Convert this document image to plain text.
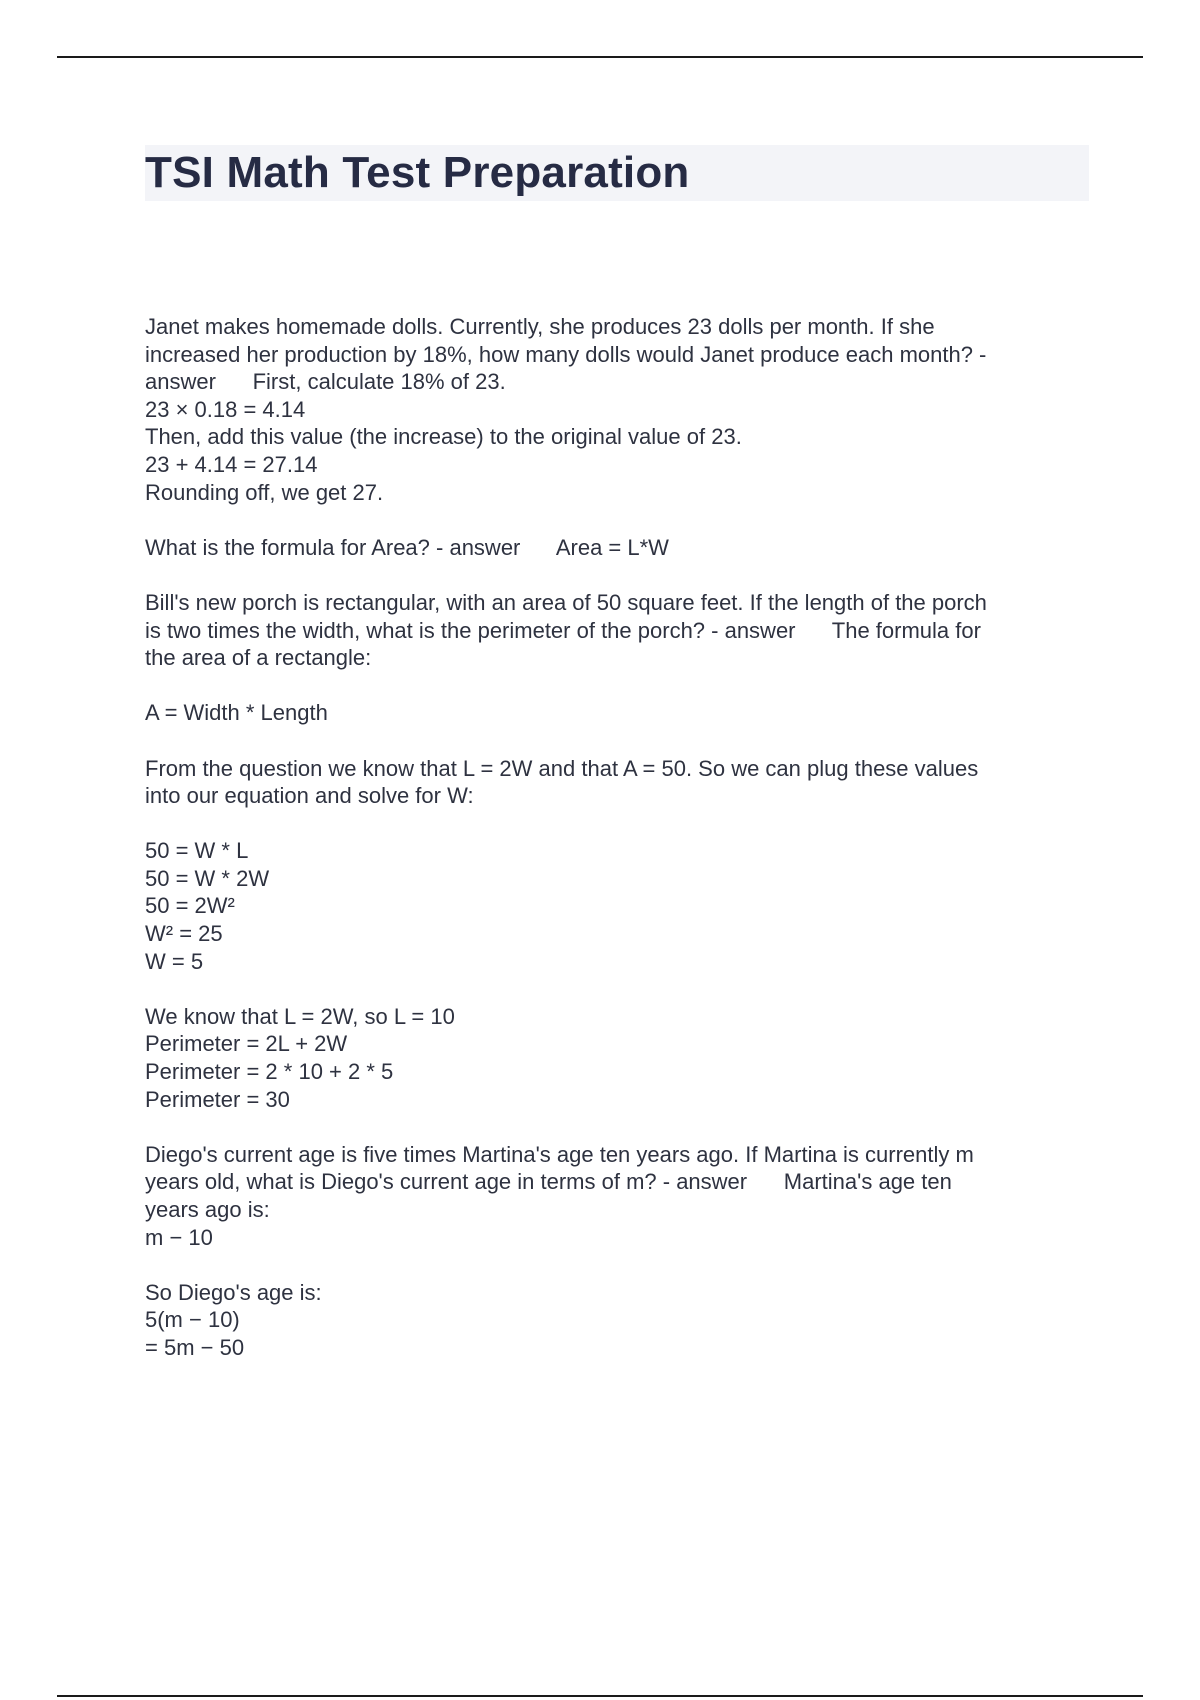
TSI Math Test Preparation
Janet makes homemade dolls. Currently, she produces 23 dolls per month. If she
increased her production by 18%, how many dolls would Janet produce each month? -
answer      First, calculate 18% of 23.
23 × 0.18 = 4.14
Then, add this value (the increase) to the original value of 23.
23 + 4.14 = 27.14
Rounding off, we get 27.
What is the formula for Area? - answer      Area = L*W
Bill's new porch is rectangular, with an area of 50 square feet. If the length of the porch
is two times the width, what is the perimeter of the porch? - answer      The formula for
the area of a rectangle:
A = Width * Length
From the question we know that L = 2W and that A = 50. So we can plug these values
into our equation and solve for W:
50 = W * L
50 = W * 2W
50 = 2W²
W² = 25
W = 5
We know that L = 2W, so L = 10
Perimeter = 2L + 2W
Perimeter = 2 * 10 + 2 * 5
Perimeter = 30
Diego's current age is five times Martina's age ten years ago. If Martina is currently m
years old, what is Diego's current age in terms of m? - answer      Martina's age ten
years ago is:
m − 10
So Diego's age is:
5(m − 10)
= 5m − 50
